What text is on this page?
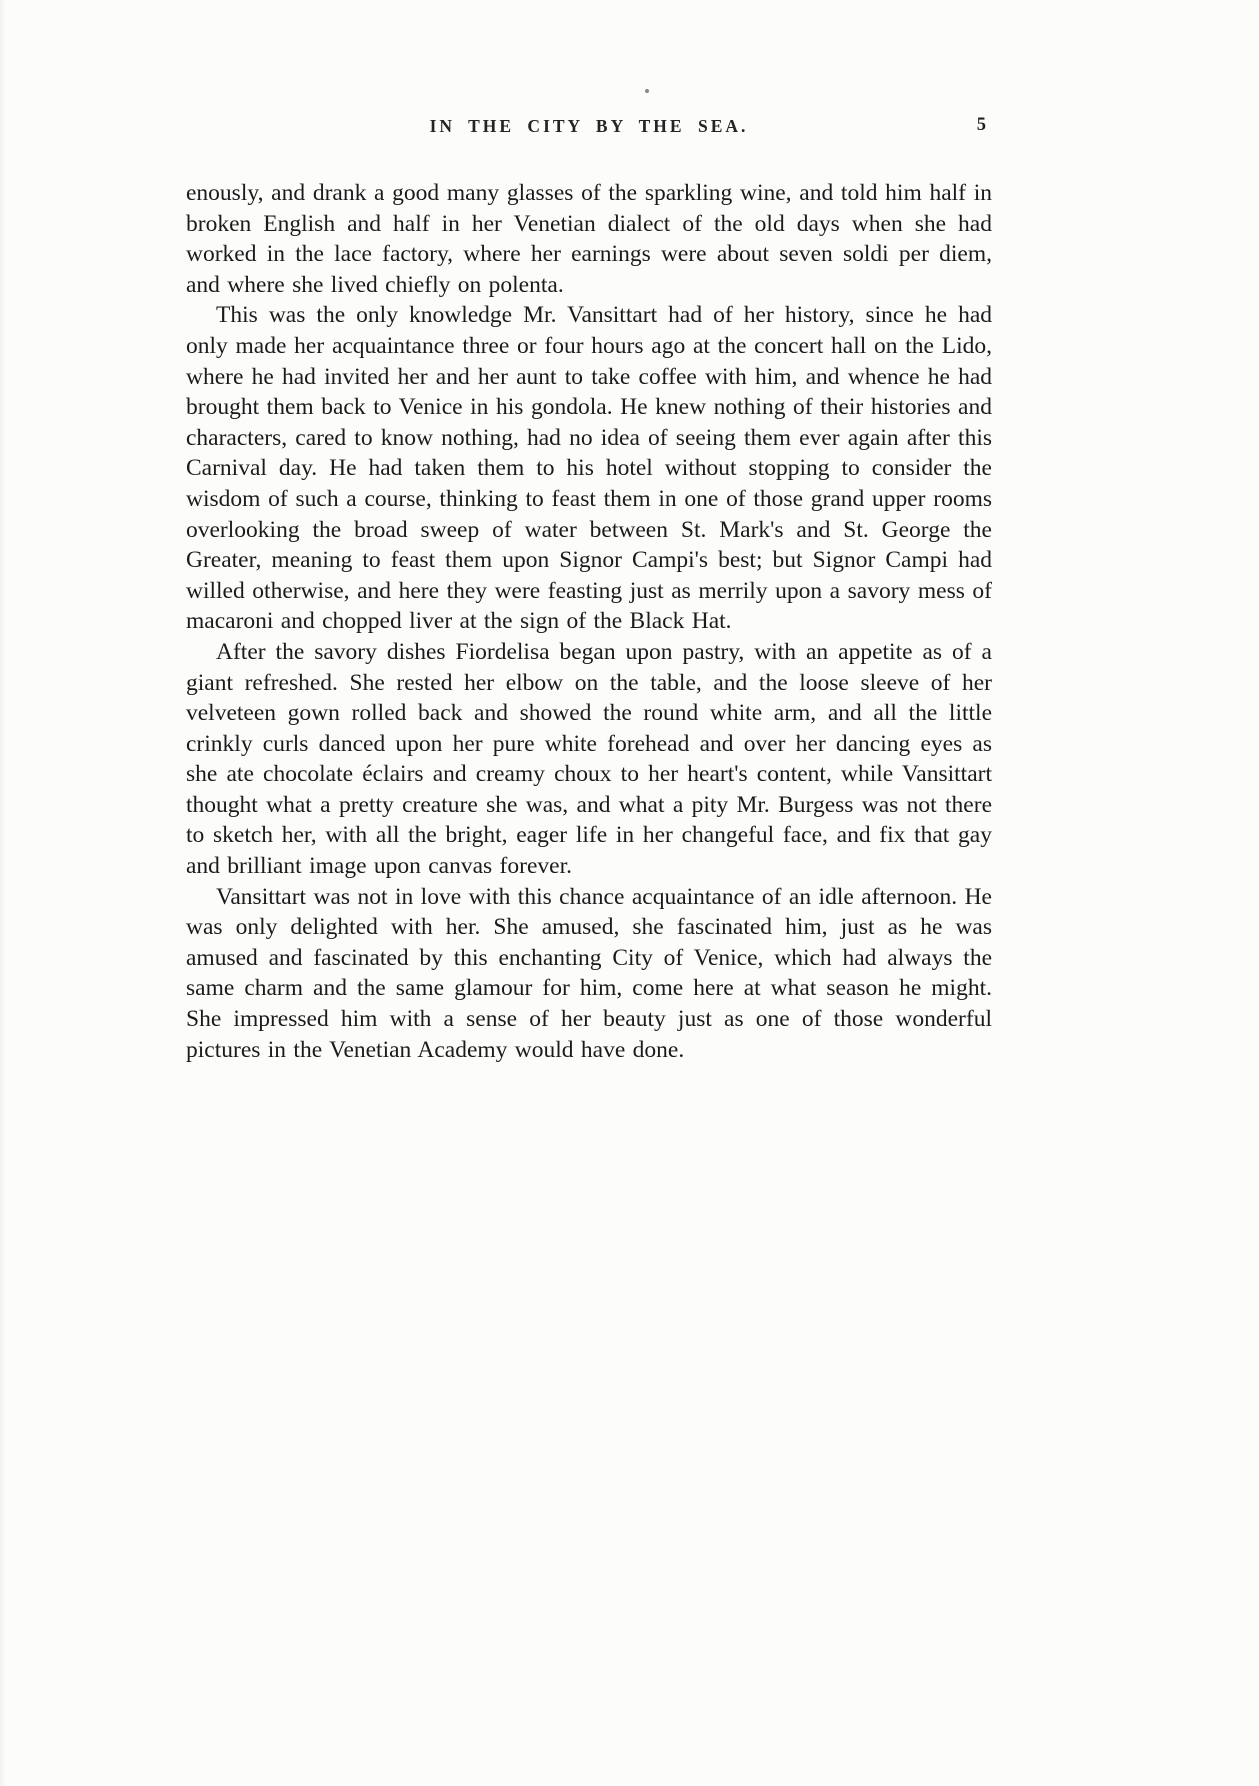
IN THE CITY BY THE SEA.	5

enously, and drank a good many glasses of the sparkling wine, and told him half in broken English and half in her Venetian dialect of the old days when she had worked in the lace factory, where her earnings were about seven soldi per diem, and where she lived chiefly on polenta.

This was the only knowledge Mr. Vansittart had of her history, since he had only made her acquaintance three or four hours ago at the concert hall on the Lido, where he had invited her and her aunt to take coffee with him, and whence he had brought them back to Venice in his gondola. He knew nothing of their histories and characters, cared to know nothing, had no idea of seeing them ever again after this Carnival day. He had taken them to his hotel without stopping to consider the wisdom of such a course, thinking to feast them in one of those grand upper rooms overlooking the broad sweep of water between St. Mark's and St. George the Greater, meaning to feast them upon Signor Campi's best; but Signor Campi had willed otherwise, and here they were feasting just as merrily upon a savory mess of macaroni and chopped liver at the sign of the Black Hat.

After the savory dishes Fiordelisa began upon pastry, with an appetite as of a giant refreshed. She rested her elbow on the table, and the loose sleeve of her velveteen gown rolled back and showed the round white arm, and all the little crinkly curls danced upon her pure white forehead and over her dancing eyes as she ate chocolate éclairs and creamy choux to her heart's content, while Vansittart thought what a pretty creature she was, and what a pity Mr. Burgess was not there to sketch her, with all the bright, eager life in her changeful face, and fix that gay and brilliant image upon canvas forever.

Vansittart was not in love with this chance acquaintance of an idle afternoon. He was only delighted with her. She amused, she fascinated him, just as he was amused and fascinated by this enchanting City of Venice, which had always the same charm and the same glamour for him, come here at what season he might. She impressed him with a sense of her beauty just as one of those wonderful pictures in the Venetian Academy would have done.
